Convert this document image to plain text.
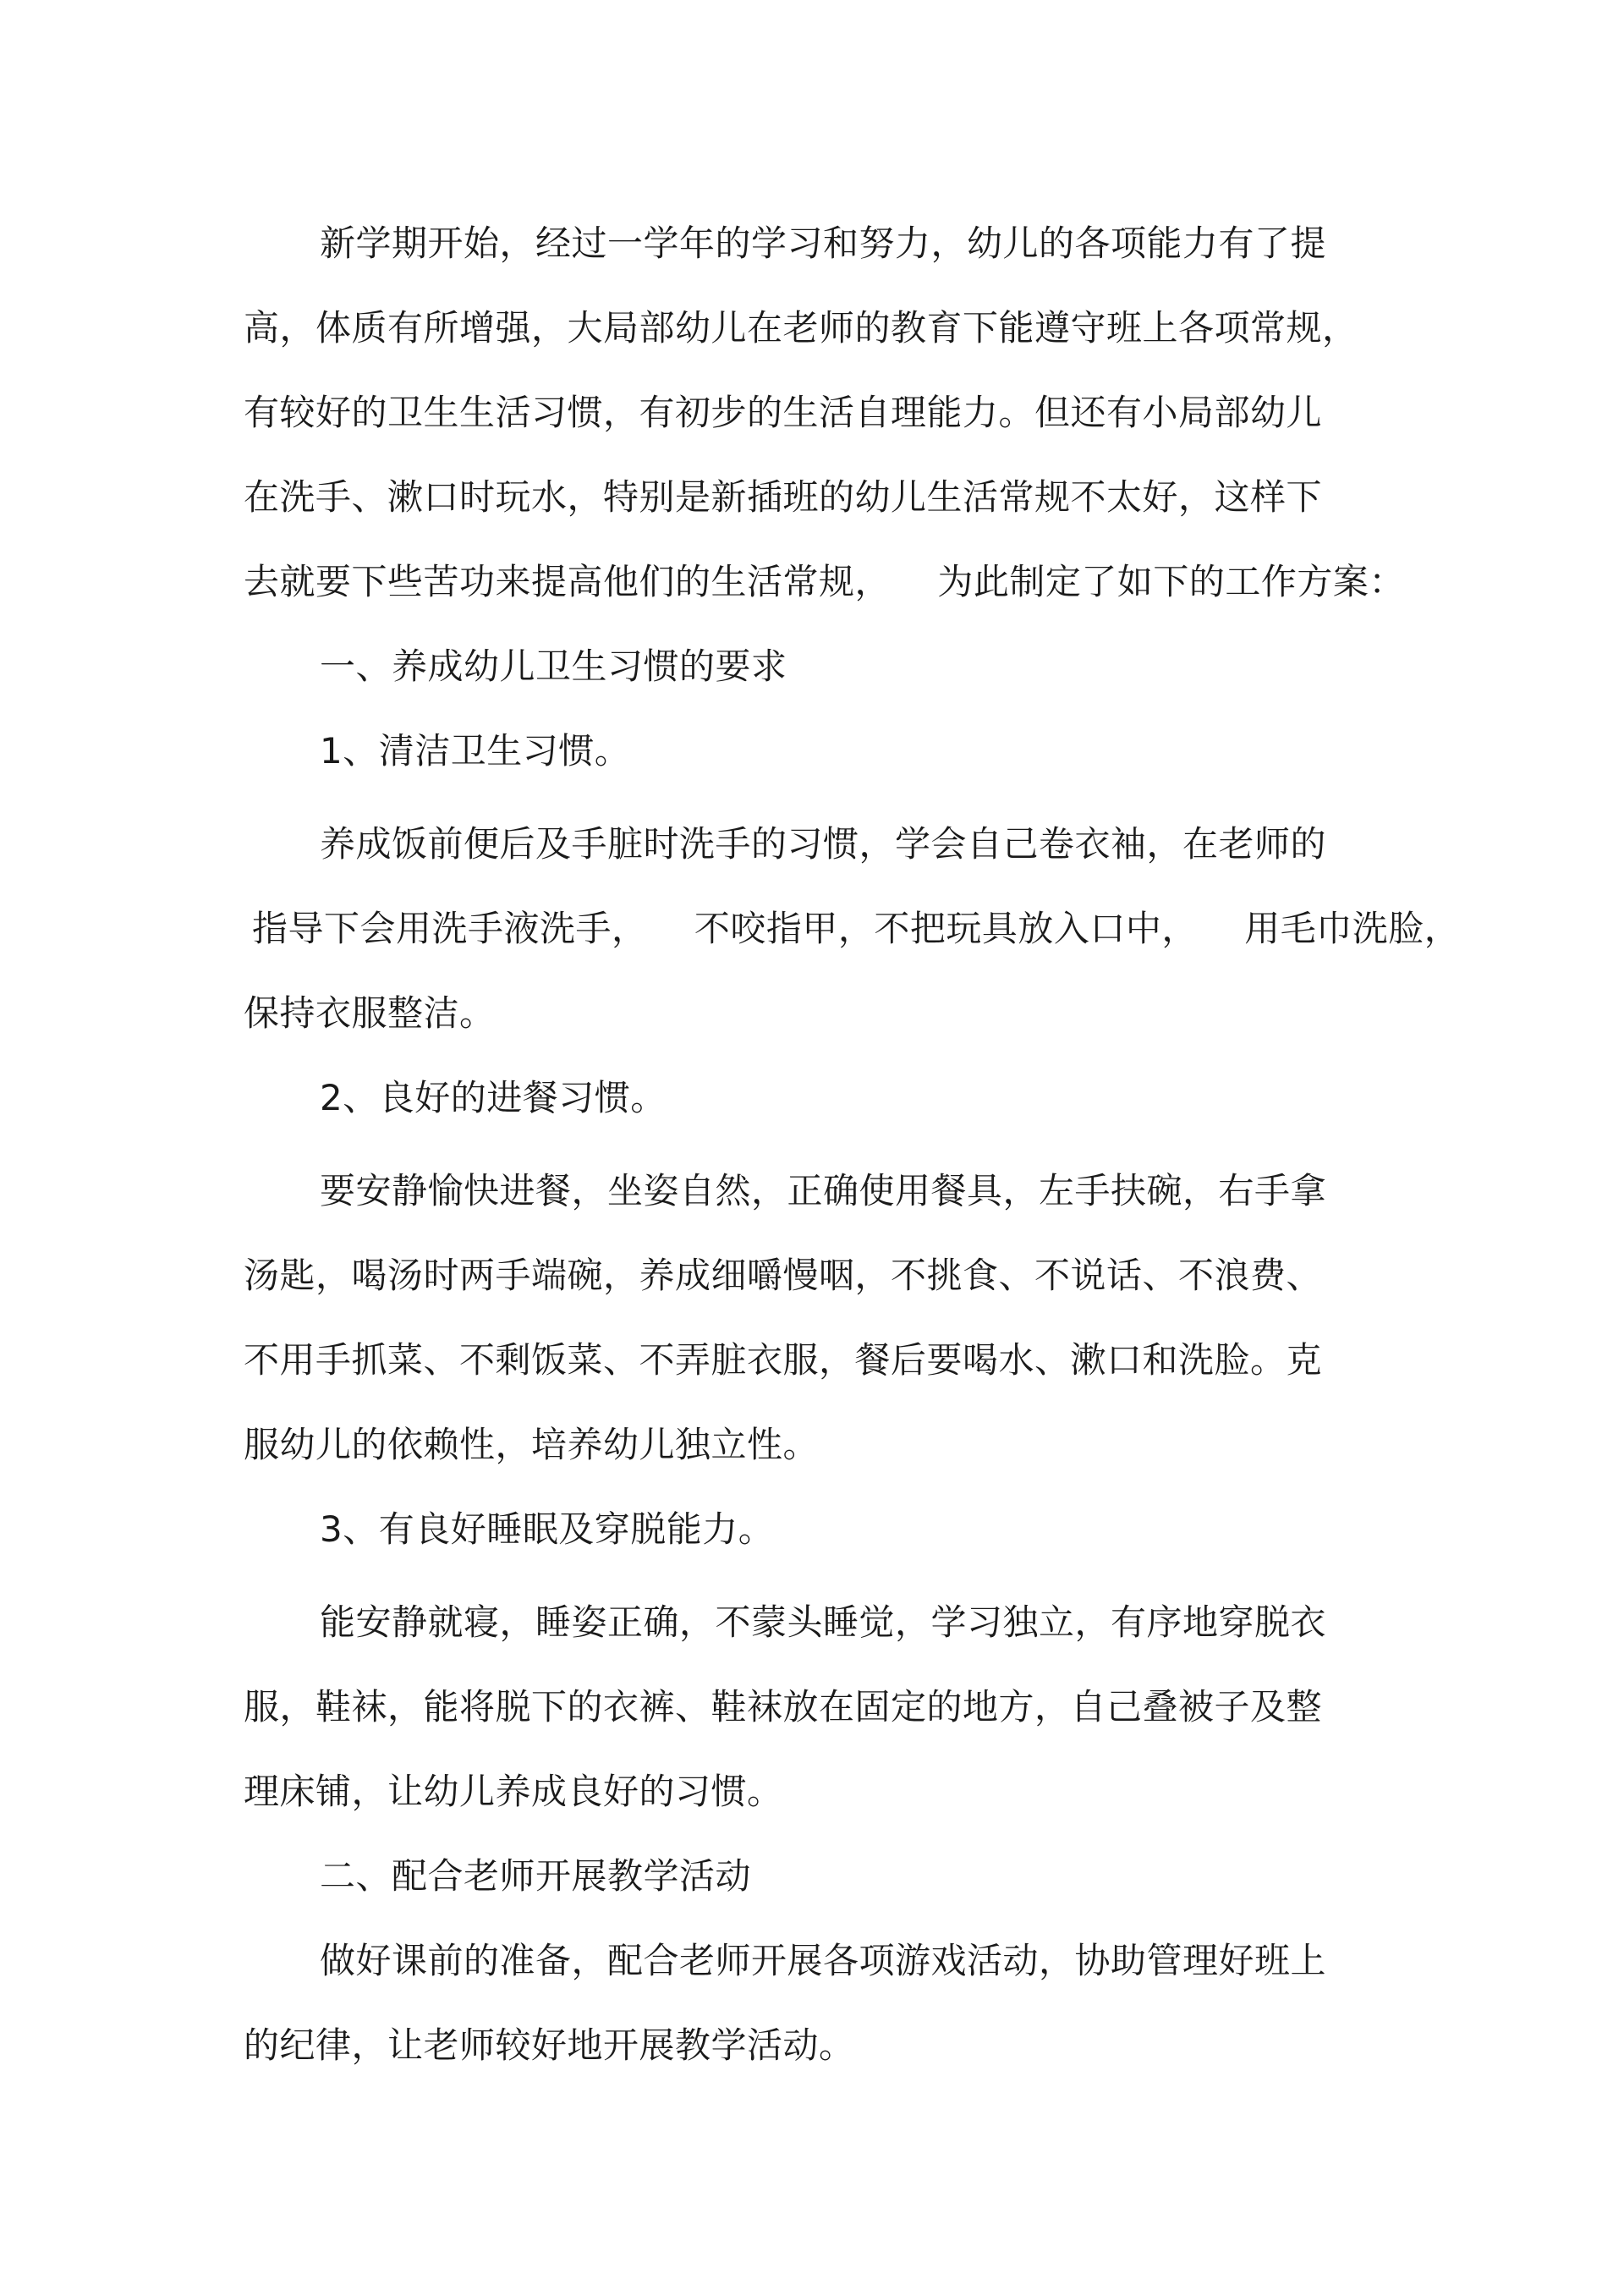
新学期开始，经过一学年的学习和努力，幼儿的各项能力有了提
高，体质有所增强，大局部幼儿在老师的教育下能遵守班上各项常规，
有较好的卫生生活习惯，有初步的生活自理能力。但还有小局部幼儿
在洗手、漱口时玩水，特别是新插班的幼儿生活常规不太好，这样下
去就要下些苦功来提高他们的生活常规，    为此制定了如下的工作方案：
一、养成幼儿卫生习惯的要求
1、清洁卫生习惯。
养成饭前便后及手脏时洗手的习惯，学会自己卷衣袖，在老师的
指导下会用洗手液洗手，    不咬指甲，不把玩具放入口中，    用毛巾洗脸，
保持衣服整洁。
2、良好的进餐习惯。
要安静愉快进餐，坐姿自然，正确使用餐具，左手扶碗，右手拿
汤匙，喝汤时两手端碗，养成细嚼慢咽，不挑食、不说话、不浪费、
不用手抓菜、不剩饭菜、不弄脏衣服，餐后要喝水、漱口和洗脸。克
服幼儿的依赖性，培养幼儿独立性。
3、有良好睡眠及穿脱能力。
能安静就寝，睡姿正确，不蒙头睡觉，学习独立，有序地穿脱衣
服，鞋袜，能将脱下的衣裤、鞋袜放在固定的地方，自己叠被子及整
理床铺，让幼儿养成良好的习惯。
二、配合老师开展教学活动
做好课前的准备，配合老师开展各项游戏活动，协助管理好班上
的纪律，让老师较好地开展教学活动。
